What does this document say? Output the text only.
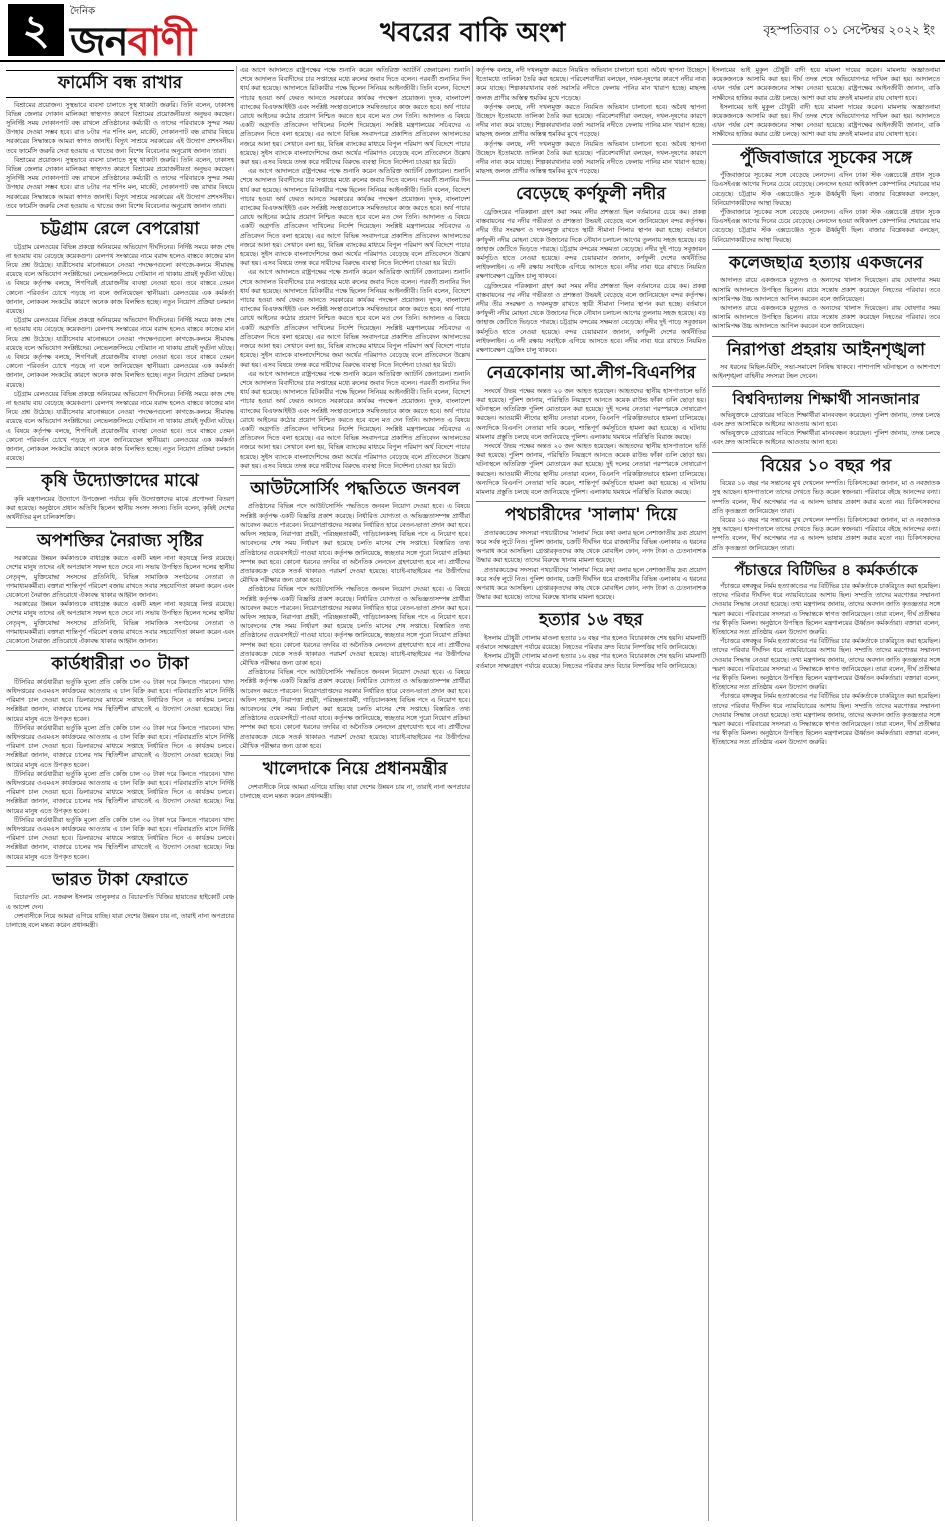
২	দৈনিক
জনবাণী	খবরের বাকি অংশ	বৃহস্পতিবার ০১ সেপ্টেম্বর ২০২২ ইং
ফার্মেসি বন্ধ রাখার

বিশ্রামের প্রয়োজন। সুস্থভাবে ব্যবসা চালাতে সুস্থ থাকাটা জরুরি। তিনি বলেন, ঢাকাসহ বিভিন্ন জেলার দোকান মালিকরা স্বাস্থ্যগত কারণে বিশ্রামের প্রয়োজনীয়তা অনুভব করছেন। সুনির্দিষ্ট সময় দোকানপাট বন্ধ রাখলে প্রতিষ্ঠানের কর্মচারী ও তাদের পরিবারকে সুন্দর সময় উপহার দেওয়া সম্ভব হবে। রাত ৮টার পর শপিং মল, মার্কেট, দোকানপাট বন্ধ রাখার বিষয়ে সরকারের সিদ্ধান্তকে আমরা স্বাগত জানাই। বিদ্যুৎ সাশ্রয়ে সরকারের এই উদ্যোগ প্রশংসনীয়। তবে ফার্মেসি জরুরি সেবা হওয়ায় এ খাতের জন্য বিশেষ বিবেচনার অনুরোধ জানান তারা।

বিশ্রামের প্রয়োজন। সুস্থভাবে ব্যবসা চালাতে সুস্থ থাকাটা জরুরি। তিনি বলেন, ঢাকাসহ বিভিন্ন জেলার দোকান মালিকরা স্বাস্থ্যগত কারণে বিশ্রামের প্রয়োজনীয়তা অনুভব করছেন। সুনির্দিষ্ট সময় দোকানপাট বন্ধ রাখলে প্রতিষ্ঠানের কর্মচারী ও তাদের পরিবারকে সুন্দর সময় উপহার দেওয়া সম্ভব হবে। রাত ৮টার পর শপিং মল, মার্কেট, দোকানপাট বন্ধ রাখার বিষয়ে সরকারের সিদ্ধান্তকে আমরা স্বাগত জানাই। বিদ্যুৎ সাশ্রয়ে সরকারের এই উদ্যোগ প্রশংসনীয়। তবে ফার্মেসি জরুরি সেবা হওয়ায় এ খাতের জন্য বিশেষ বিবেচনার অনুরোধ জানান তারা।

চট্টগ্রাম রেলে বেপরোয়া

চট্টগ্রাম রেলওয়ের বিভিন্ন প্রকল্পে অনিয়মের অভিযোগ দীর্ঘদিনের। নির্দিষ্ট সময়ে কাজ শেষ না হওয়ায় ব্যয় বেড়েছে কয়েকগুণ। রেলপথ সংস্কারের নামে বরাদ্দ হলেও বাস্তবে কাজের মান নিয়ে প্রশ্ন উঠেছে। যাত্রীসেবার মানোন্নয়নে নেওয়া পদক্ষেপগুলো কাগজে-কলমে সীমাবদ্ধ রয়েছে বলে অভিযোগ সংশ্লিষ্টদের। লেভেলক্রসিংয়ে গেটম্যান না থাকায় প্রায়ই দুর্ঘটনা ঘটছে। এ বিষয়ে কর্তৃপক্ষ বলছে, শিগগিরই প্রয়োজনীয় ব্যবস্থা নেওয়া হবে। তবে বাস্তবে তেমন কোনো পরিবর্তন চোখে পড়ছে না বলে জানিয়েছেন স্থানীয়রা। রেলওয়ের এক কর্মকর্তা জানান, লোকবল সংকটের কারণে অনেক কাজ বিলম্বিত হচ্ছে। নতুন নিয়োগ প্রক্রিয়া চলমান রয়েছে।

চট্টগ্রাম রেলওয়ের বিভিন্ন প্রকল্পে অনিয়মের অভিযোগ দীর্ঘদিনের। নির্দিষ্ট সময়ে কাজ শেষ না হওয়ায় ব্যয় বেড়েছে কয়েকগুণ। রেলপথ সংস্কারের নামে বরাদ্দ হলেও বাস্তবে কাজের মান নিয়ে প্রশ্ন উঠেছে। যাত্রীসেবার মানোন্নয়নে নেওয়া পদক্ষেপগুলো কাগজে-কলমে সীমাবদ্ধ রয়েছে বলে অভিযোগ সংশ্লিষ্টদের। লেভেলক্রসিংয়ে গেটম্যান না থাকায় প্রায়ই দুর্ঘটনা ঘটছে। এ বিষয়ে কর্তৃপক্ষ বলছে, শিগগিরই প্রয়োজনীয় ব্যবস্থা নেওয়া হবে। তবে বাস্তবে তেমন কোনো পরিবর্তন চোখে পড়ছে না বলে জানিয়েছেন স্থানীয়রা। রেলওয়ের এক কর্মকর্তা জানান, লোকবল সংকটের কারণে অনেক কাজ বিলম্বিত হচ্ছে। নতুন নিয়োগ প্রক্রিয়া চলমান রয়েছে।

চট্টগ্রাম রেলওয়ের বিভিন্ন প্রকল্পে অনিয়মের অভিযোগ দীর্ঘদিনের। নির্দিষ্ট সময়ে কাজ শেষ না হওয়ায় ব্যয় বেড়েছে কয়েকগুণ। রেলপথ সংস্কারের নামে বরাদ্দ হলেও বাস্তবে কাজের মান নিয়ে প্রশ্ন উঠেছে। যাত্রীসেবার মানোন্নয়নে নেওয়া পদক্ষেপগুলো কাগজে-কলমে সীমাবদ্ধ রয়েছে বলে অভিযোগ সংশ্লিষ্টদের। লেভেলক্রসিংয়ে গেটম্যান না থাকায় প্রায়ই দুর্ঘটনা ঘটছে। এ বিষয়ে কর্তৃপক্ষ বলছে, শিগগিরই প্রয়োজনীয় ব্যবস্থা নেওয়া হবে। তবে বাস্তবে তেমন কোনো পরিবর্তন চোখে পড়ছে না বলে জানিয়েছেন স্থানীয়রা। রেলওয়ের এক কর্মকর্তা জানান, লোকবল সংকটের কারণে অনেক কাজ বিলম্বিত হচ্ছে। নতুন নিয়োগ প্রক্রিয়া চলমান রয়েছে।

কৃষি উদ্যোক্তাদের মাঝে

কৃষি মন্ত্রণালয়ের উদ্যোগে উপজেলা পর্যায়ে কৃষি উদ্যোক্তাদের মাঝে প্রণোদনা বিতরণ করা হয়েছে। অনুষ্ঠানে প্রধান অতিথি ছিলেন স্থানীয় সংসদ সদস্য। তিনি বলেন, কৃষিই দেশের অর্থনীতির মূল চালিকাশক্তি।

অপশক্তির নৈরাজ্য সৃষ্টির

সরকারের উন্নয়ন কর্মকাণ্ডকে বাধাগ্রস্ত করতে একটি মহল নানা ষড়যন্ত্রে লিপ্ত রয়েছে। দেশের মানুষ তাদের এই অপপ্রয়াস সফল হতে দেবে না। সভায় উপস্থিত ছিলেন দলের স্থানীয় নেতৃবৃন্দ, মুক্তিযোদ্ধা সংসদের প্রতিনিধি, বিভিন্ন সামাজিক সংগঠনের নেতারা ও গণমাধ্যমকর্মীরা। বক্তারা শান্তিপূর্ণ পরিবেশ বজায় রাখতে সবার সহযোগিতা কামনা করেন এবং যেকোনো নৈরাজ্য প্রতিরোধে ঐক্যবদ্ধ থাকার আহ্বান জানান।

সরকারের উন্নয়ন কর্মকাণ্ডকে বাধাগ্রস্ত করতে একটি মহল নানা ষড়যন্ত্রে লিপ্ত রয়েছে। দেশের মানুষ তাদের এই অপপ্রয়াস সফল হতে দেবে না। সভায় উপস্থিত ছিলেন দলের স্থানীয় নেতৃবৃন্দ, মুক্তিযোদ্ধা সংসদের প্রতিনিধি, বিভিন্ন সামাজিক সংগঠনের নেতারা ও গণমাধ্যমকর্মীরা। বক্তারা শান্তিপূর্ণ পরিবেশ বজায় রাখতে সবার সহযোগিতা কামনা করেন এবং যেকোনো নৈরাজ্য প্রতিরোধে ঐক্যবদ্ধ থাকার আহ্বান জানান।

কার্ডধারীরা ৩০ টাকা

টিসিবির কার্ডধারীরা ভর্তুকি মূল্যে প্রতি কেজি চাল ৩০ টাকা দরে কিনতে পারবেন। খাদ্য অধিদপ্তরের ওএমএস কার্যক্রমের আওতায় এ চাল বিক্রি করা হবে। পরিবারপ্রতি মাসে নির্দিষ্ট পরিমাণ চাল দেওয়া হবে। ডিলারদের মাধ্যমে সপ্তাহে নির্ধারিত দিনে এ কার্যক্রম চলবে। সংশ্লিষ্টরা জানান, বাজারে চালের দাম স্থিতিশীল রাখতেই এ উদ্যোগ নেওয়া হয়েছে। নিম্ন আয়ের মানুষ এতে উপকৃত হবেন।

টিসিবির কার্ডধারীরা ভর্তুকি মূল্যে প্রতি কেজি চাল ৩০ টাকা দরে কিনতে পারবেন। খাদ্য অধিদপ্তরের ওএমএস কার্যক্রমের আওতায় এ চাল বিক্রি করা হবে। পরিবারপ্রতি মাসে নির্দিষ্ট পরিমাণ চাল দেওয়া হবে। ডিলারদের মাধ্যমে সপ্তাহে নির্ধারিত দিনে এ কার্যক্রম চলবে। সংশ্লিষ্টরা জানান, বাজারে চালের দাম স্থিতিশীল রাখতেই এ উদ্যোগ নেওয়া হয়েছে। নিম্ন আয়ের মানুষ এতে উপকৃত হবেন।

টিসিবির কার্ডধারীরা ভর্তুকি মূল্যে প্রতি কেজি চাল ৩০ টাকা দরে কিনতে পারবেন। খাদ্য অধিদপ্তরের ওএমএস কার্যক্রমের আওতায় এ চাল বিক্রি করা হবে। পরিবারপ্রতি মাসে নির্দিষ্ট পরিমাণ চাল দেওয়া হবে। ডিলারদের মাধ্যমে সপ্তাহে নির্ধারিত দিনে এ কার্যক্রম চলবে। সংশ্লিষ্টরা জানান, বাজারে চালের দাম স্থিতিশীল রাখতেই এ উদ্যোগ নেওয়া হয়েছে। নিম্ন আয়ের মানুষ এতে উপকৃত হবেন।

টিসিবির কার্ডধারীরা ভর্তুকি মূল্যে প্রতি কেজি চাল ৩০ টাকা দরে কিনতে পারবেন। খাদ্য অধিদপ্তরের ওএমএস কার্যক্রমের আওতায় এ চাল বিক্রি করা হবে। পরিবারপ্রতি মাসে নির্দিষ্ট পরিমাণ চাল দেওয়া হবে। ডিলারদের মাধ্যমে সপ্তাহে নির্ধারিত দিনে এ কার্যক্রম চলবে। সংশ্লিষ্টরা জানান, বাজারে চালের দাম স্থিতিশীল রাখতেই এ উদ্যোগ নেওয়া হয়েছে। নিম্ন আয়ের মানুষ এতে উপকৃত হবেন।

ভারত টাকা ফেরাতে

বিচারপতি মো. নজরুল ইসলাম তালুকদার ও বিচারপতি খিজির হায়াতের হাইকোর্ট বেঞ্চ এ আদেশ দেন।

দেশবাসীকে নিয়ে আমরা এগিয়ে যাচ্ছি। যারা দেশের উন্নয়ন চায় না, তারাই নানা অপপ্রচার চালাচ্ছে বলে মন্তব্য করেন প্রধানমন্ত্রী।

এর আগে আদালতে রাষ্ট্রপক্ষের পক্ষে শুনানি করেন অতিরিক্ত অ্যাটর্নি জেনারেল। শুনানি শেষে আদালত বিবাদীদের চার সপ্তাহের মধ্যে রুলের জবাব দিতে বলেন। পরবর্তী শুনানির দিন ধার্য করা হয়েছে। আদালতে রিটকারীর পক্ষে ছিলেন সিনিয়র আইনজীবী। তিনি বলেন, বিদেশে পাচার হওয়া অর্থ ফেরত আনতে সরকারের কার্যকর পদক্ষেপ প্রয়োজন। দুদক, বাংলাদেশ ব্যাংকের বিএফআইইউ এবং সংশ্লিষ্ট সংস্থাগুলোকে সমন্বিতভাবে কাজ করতে হবে। অর্থ পাচার রোধে আইনের কঠোর প্রয়োগ নিশ্চিত করতে হবে বলে মত দেন তিনি। আদালত এ বিষয়ে একটি অগ্রগতি প্রতিবেদন দাখিলের নির্দেশ দিয়েছেন। সংশ্লিষ্ট মন্ত্রণালয়ের সচিবদের এ প্রতিবেদন দিতে বলা হয়েছে। এর আগে বিভিন্ন সংবাদপত্রে প্রকাশিত প্রতিবেদন আদালতের নজরে আনা হয়। সেখানে বলা হয়, বিভিন্ন ব্যাংকের মাধ্যমে বিপুল পরিমাণ অর্থ বিদেশে পাচার হয়েছে। সুইস ব্যাংকে বাংলাদেশিদের জমা অর্থের পরিমাণও বেড়েছে বলে প্রতিবেদনে উল্লেখ করা হয়। এসব বিষয়ে তদন্ত করে দায়ীদের বিরুদ্ধে ব্যবস্থা নিতে নির্দেশনা চাওয়া হয় রিটে।

এর আগে আদালতে রাষ্ট্রপক্ষের পক্ষে শুনানি করেন অতিরিক্ত অ্যাটর্নি জেনারেল। শুনানি শেষে আদালত বিবাদীদের চার সপ্তাহের মধ্যে রুলের জবাব দিতে বলেন। পরবর্তী শুনানির দিন ধার্য করা হয়েছে। আদালতে রিটকারীর পক্ষে ছিলেন সিনিয়র আইনজীবী। তিনি বলেন, বিদেশে পাচার হওয়া অর্থ ফেরত আনতে সরকারের কার্যকর পদক্ষেপ প্রয়োজন। দুদক, বাংলাদেশ ব্যাংকের বিএফআইইউ এবং সংশ্লিষ্ট সংস্থাগুলোকে সমন্বিতভাবে কাজ করতে হবে। অর্থ পাচার রোধে আইনের কঠোর প্রয়োগ নিশ্চিত করতে হবে বলে মত দেন তিনি। আদালত এ বিষয়ে একটি অগ্রগতি প্রতিবেদন দাখিলের নির্দেশ দিয়েছেন। সংশ্লিষ্ট মন্ত্রণালয়ের সচিবদের এ প্রতিবেদন দিতে বলা হয়েছে। এর আগে বিভিন্ন সংবাদপত্রে প্রকাশিত প্রতিবেদন আদালতের নজরে আনা হয়। সেখানে বলা হয়, বিভিন্ন ব্যাংকের মাধ্যমে বিপুল পরিমাণ অর্থ বিদেশে পাচার হয়েছে। সুইস ব্যাংকে বাংলাদেশিদের জমা অর্থের পরিমাণও বেড়েছে বলে প্রতিবেদনে উল্লেখ করা হয়। এসব বিষয়ে তদন্ত করে দায়ীদের বিরুদ্ধে ব্যবস্থা নিতে নির্দেশনা চাওয়া হয় রিটে।

এর আগে আদালতে রাষ্ট্রপক্ষের পক্ষে শুনানি করেন অতিরিক্ত অ্যাটর্নি জেনারেল। শুনানি শেষে আদালত বিবাদীদের চার সপ্তাহের মধ্যে রুলের জবাব দিতে বলেন। পরবর্তী শুনানির দিন ধার্য করা হয়েছে। আদালতে রিটকারীর পক্ষে ছিলেন সিনিয়র আইনজীবী। তিনি বলেন, বিদেশে পাচার হওয়া অর্থ ফেরত আনতে সরকারের কার্যকর পদক্ষেপ প্রয়োজন। দুদক, বাংলাদেশ ব্যাংকের বিএফআইইউ এবং সংশ্লিষ্ট সংস্থাগুলোকে সমন্বিতভাবে কাজ করতে হবে। অর্থ পাচার রোধে আইনের কঠোর প্রয়োগ নিশ্চিত করতে হবে বলে মত দেন তিনি। আদালত এ বিষয়ে একটি অগ্রগতি প্রতিবেদন দাখিলের নির্দেশ দিয়েছেন। সংশ্লিষ্ট মন্ত্রণালয়ের সচিবদের এ প্রতিবেদন দিতে বলা হয়েছে। এর আগে বিভিন্ন সংবাদপত্রে প্রকাশিত প্রতিবেদন আদালতের নজরে আনা হয়। সেখানে বলা হয়, বিভিন্ন ব্যাংকের মাধ্যমে বিপুল পরিমাণ অর্থ বিদেশে পাচার হয়েছে। সুইস ব্যাংকে বাংলাদেশিদের জমা অর্থের পরিমাণও বেড়েছে বলে প্রতিবেদনে উল্লেখ করা হয়। এসব বিষয়ে তদন্ত করে দায়ীদের বিরুদ্ধে ব্যবস্থা নিতে নির্দেশনা চাওয়া হয় রিটে।

এর আগে আদালতে রাষ্ট্রপক্ষের পক্ষে শুনানি করেন অতিরিক্ত অ্যাটর্নি জেনারেল। শুনানি শেষে আদালত বিবাদীদের চার সপ্তাহের মধ্যে রুলের জবাব দিতে বলেন। পরবর্তী শুনানির দিন ধার্য করা হয়েছে। আদালতে রিটকারীর পক্ষে ছিলেন সিনিয়র আইনজীবী। তিনি বলেন, বিদেশে পাচার হওয়া অর্থ ফেরত আনতে সরকারের কার্যকর পদক্ষেপ প্রয়োজন। দুদক, বাংলাদেশ ব্যাংকের বিএফআইইউ এবং সংশ্লিষ্ট সংস্থাগুলোকে সমন্বিতভাবে কাজ করতে হবে। অর্থ পাচার রোধে আইনের কঠোর প্রয়োগ নিশ্চিত করতে হবে বলে মত দেন তিনি। আদালত এ বিষয়ে একটি অগ্রগতি প্রতিবেদন দাখিলের নির্দেশ দিয়েছেন। সংশ্লিষ্ট মন্ত্রণালয়ের সচিবদের এ প্রতিবেদন দিতে বলা হয়েছে। এর আগে বিভিন্ন সংবাদপত্রে প্রকাশিত প্রতিবেদন আদালতের নজরে আনা হয়। সেখানে বলা হয়, বিভিন্ন ব্যাংকের মাধ্যমে বিপুল পরিমাণ অর্থ বিদেশে পাচার হয়েছে। সুইস ব্যাংকে বাংলাদেশিদের জমা অর্থের পরিমাণও বেড়েছে বলে প্রতিবেদনে উল্লেখ করা হয়। এসব বিষয়ে তদন্ত করে দায়ীদের বিরুদ্ধে ব্যবস্থা নিতে নির্দেশনা চাওয়া হয় রিটে।

আউটসোর্সিং পদ্ধতিতে জনবল

প্রতিষ্ঠানের বিভিন্ন পদে আউটসোর্সিং পদ্ধতিতে জনবল নিয়োগ দেওয়া হবে। এ বিষয়ে সংশ্লিষ্ট কর্তৃপক্ষ একটি বিজ্ঞপ্তি প্রকাশ করেছে। নির্ধারিত যোগ্যতা ও অভিজ্ঞতাসম্পন্ন প্রার্থীরা আবেদন করতে পারবেন। নিয়োগপ্রাপ্তদের সরকার নির্ধারিত হারে বেতন-ভাতা প্রদান করা হবে। অফিস সহায়ক, নিরাপত্তা প্রহরী, পরিচ্ছন্নতাকর্মী, গাড়িচালকসহ বিভিন্ন পদে এ নিয়োগ হবে। আবেদনের শেষ সময় নির্ধারণ করা হয়েছে চলতি মাসের শেষ সপ্তাহে। বিস্তারিত তথ্য প্রতিষ্ঠানের ওয়েবসাইটে পাওয়া যাবে। কর্তৃপক্ষ জানিয়েছে, স্বচ্ছতার সঙ্গে পুরো নিয়োগ প্রক্রিয়া সম্পন্ন করা হবে। কোনো ধরনের তদবির বা অনৈতিক লেনদেন গ্রহণযোগ্য হবে না। প্রার্থীদের প্রতারকচক্র থেকে সতর্ক থাকারও পরামর্শ দেওয়া হয়েছে। যাচাই-বাছাইয়ের পর উত্তীর্ণদের মৌখিক পরীক্ষার জন্য ডাকা হবে।

প্রতিষ্ঠানের বিভিন্ন পদে আউটসোর্সিং পদ্ধতিতে জনবল নিয়োগ দেওয়া হবে। এ বিষয়ে সংশ্লিষ্ট কর্তৃপক্ষ একটি বিজ্ঞপ্তি প্রকাশ করেছে। নির্ধারিত যোগ্যতা ও অভিজ্ঞতাসম্পন্ন প্রার্থীরা আবেদন করতে পারবেন। নিয়োগপ্রাপ্তদের সরকার নির্ধারিত হারে বেতন-ভাতা প্রদান করা হবে। অফিস সহায়ক, নিরাপত্তা প্রহরী, পরিচ্ছন্নতাকর্মী, গাড়িচালকসহ বিভিন্ন পদে এ নিয়োগ হবে। আবেদনের শেষ সময় নির্ধারণ করা হয়েছে চলতি মাসের শেষ সপ্তাহে। বিস্তারিত তথ্য প্রতিষ্ঠানের ওয়েবসাইটে পাওয়া যাবে। কর্তৃপক্ষ জানিয়েছে, স্বচ্ছতার সঙ্গে পুরো নিয়োগ প্রক্রিয়া সম্পন্ন করা হবে। কোনো ধরনের তদবির বা অনৈতিক লেনদেন গ্রহণযোগ্য হবে না। প্রার্থীদের প্রতারকচক্র থেকে সতর্ক থাকারও পরামর্শ দেওয়া হয়েছে। যাচাই-বাছাইয়ের পর উত্তীর্ণদের মৌখিক পরীক্ষার জন্য ডাকা হবে।

প্রতিষ্ঠানের বিভিন্ন পদে আউটসোর্সিং পদ্ধতিতে জনবল নিয়োগ দেওয়া হবে। এ বিষয়ে সংশ্লিষ্ট কর্তৃপক্ষ একটি বিজ্ঞপ্তি প্রকাশ করেছে। নির্ধারিত যোগ্যতা ও অভিজ্ঞতাসম্পন্ন প্রার্থীরা আবেদন করতে পারবেন। নিয়োগপ্রাপ্তদের সরকার নির্ধারিত হারে বেতন-ভাতা প্রদান করা হবে। অফিস সহায়ক, নিরাপত্তা প্রহরী, পরিচ্ছন্নতাকর্মী, গাড়িচালকসহ বিভিন্ন পদে এ নিয়োগ হবে। আবেদনের শেষ সময় নির্ধারণ করা হয়েছে চলতি মাসের শেষ সপ্তাহে। বিস্তারিত তথ্য প্রতিষ্ঠানের ওয়েবসাইটে পাওয়া যাবে। কর্তৃপক্ষ জানিয়েছে, স্বচ্ছতার সঙ্গে পুরো নিয়োগ প্রক্রিয়া সম্পন্ন করা হবে। কোনো ধরনের তদবির বা অনৈতিক লেনদেন গ্রহণযোগ্য হবে না। প্রার্থীদের প্রতারকচক্র থেকে সতর্ক থাকারও পরামর্শ দেওয়া হয়েছে। যাচাই-বাছাইয়ের পর উত্তীর্ণদের মৌখিক পরীক্ষার জন্য ডাকা হবে।

খালেদাকে নিয়ে প্রধানমন্ত্রীর

দেশবাসীকে নিয়ে আমরা এগিয়ে যাচ্ছি। যারা দেশের উন্নয়ন চায় না, তারাই নানা অপপ্রচার চালাচ্ছে বলে মন্তব্য করেন প্রধানমন্ত্রী।

কর্তৃপক্ষ বলছে, নদী দখলমুক্ত করতে নিয়মিত অভিযান চালানো হবে। অবৈধ স্থাপনা উচ্ছেদে ইতোমধ্যে তালিকা তৈরি করা হয়েছে। পরিবেশবাদীরা বলছেন, দখল-দূষণের কারণে নদীর নাব্য কমে যাচ্ছে। শিল্পকারখানার বর্জ্য সরাসরি নদীতে ফেলায় পানির মান খারাপ হচ্ছে। মাছসহ জলজ প্রাণীর অস্তিত্ব হুমকির মুখে পড়েছে।

কর্তৃপক্ষ বলছে, নদী দখলমুক্ত করতে নিয়মিত অভিযান চালানো হবে। অবৈধ স্থাপনা উচ্ছেদে ইতোমধ্যে তালিকা তৈরি করা হয়েছে। পরিবেশবাদীরা বলছেন, দখল-দূষণের কারণে নদীর নাব্য কমে যাচ্ছে। শিল্পকারখানার বর্জ্য সরাসরি নদীতে ফেলায় পানির মান খারাপ হচ্ছে। মাছসহ জলজ প্রাণীর অস্তিত্ব হুমকির মুখে পড়েছে।

কর্তৃপক্ষ বলছে, নদী দখলমুক্ত করতে নিয়মিত অভিযান চালানো হবে। অবৈধ স্থাপনা উচ্ছেদে ইতোমধ্যে তালিকা তৈরি করা হয়েছে। পরিবেশবাদীরা বলছেন, দখল-দূষণের কারণে নদীর নাব্য কমে যাচ্ছে। শিল্পকারখানার বর্জ্য সরাসরি নদীতে ফেলায় পানির মান খারাপ হচ্ছে। মাছসহ জলজ প্রাণীর অস্তিত্ব হুমকির মুখে পড়েছে।

বেড়েছে কর্ণফুলী নদীর

ড্রেজিংয়ের পরিকল্পনা গ্রহণ করা সময় নদীর প্রশস্ততা ছিল বর্তমানের চেয়ে কম। প্রকল্প বাস্তবায়নের পর নদীর গভীরতা ও প্রশস্ততা উভয়ই বেড়েছে বলে জানিয়েছেন বন্দর কর্তৃপক্ষ। নদীর তীর সংরক্ষণ ও দখলমুক্ত রাখতে স্থায়ী সীমানা পিলার স্থাপন করা হচ্ছে। বর্তমানে কর্ণফুলী নদীর মোহনা থেকে উজানের দিকে নৌযান চলাচল আগের তুলনায় সহজ হয়েছে। বড় জাহাজ জেটিতে ভিড়তে পারছে। চট্টগ্রাম বন্দরের সক্ষমতা বেড়েছে। নদীর দুই পাড়ে সবুজায়ন কর্মসূচিও হাতে নেওয়া হয়েছে। বন্দর চেয়ারম্যান জানান, কর্ণফুলী দেশের অর্থনীতির লাইফলাইন। এ নদী রক্ষায় সবাইকে এগিয়ে আসতে হবে। নদীর নাব্য ধরে রাখতে নিয়মিত রক্ষণাবেক্ষণ ড্রেজিং চালু থাকবে।

ড্রেজিংয়ের পরিকল্পনা গ্রহণ করা সময় নদীর প্রশস্ততা ছিল বর্তমানের চেয়ে কম। প্রকল্প বাস্তবায়নের পর নদীর গভীরতা ও প্রশস্ততা উভয়ই বেড়েছে বলে জানিয়েছেন বন্দর কর্তৃপক্ষ। নদীর তীর সংরক্ষণ ও দখলমুক্ত রাখতে স্থায়ী সীমানা পিলার স্থাপন করা হচ্ছে। বর্তমানে কর্ণফুলী নদীর মোহনা থেকে উজানের দিকে নৌযান চলাচল আগের তুলনায় সহজ হয়েছে। বড় জাহাজ জেটিতে ভিড়তে পারছে। চট্টগ্রাম বন্দরের সক্ষমতা বেড়েছে। নদীর দুই পাড়ে সবুজায়ন কর্মসূচিও হাতে নেওয়া হয়েছে। বন্দর চেয়ারম্যান জানান, কর্ণফুলী দেশের অর্থনীতির লাইফলাইন। এ নদী রক্ষায় সবাইকে এগিয়ে আসতে হবে। নদীর নাব্য ধরে রাখতে নিয়মিত রক্ষণাবেক্ষণ ড্রেজিং চালু থাকবে।

নেত্রকোনায় আ.লীগ-বিএনপির

সংঘর্ষে উভয় পক্ষের অন্তত ২০ জন আহত হয়েছেন। আহতদের স্থানীয় হাসপাতালে ভর্তি করা হয়েছে। পুলিশ জানায়, পরিস্থিতি নিয়ন্ত্রণে আনতে কয়েক রাউন্ড ফাঁকা গুলি ছোড়া হয়। ঘটনাস্থলে অতিরিক্ত পুলিশ মোতায়েন করা হয়েছে। দুই দলের নেতারা পরস্পরকে দোষারোপ করছেন। আওয়ামী লীগের স্থানীয় নেতারা বলেন, বিএনপি পরিকল্পিতভাবে হামলা চালিয়েছে। অন্যদিকে বিএনপি নেতারা দাবি করেন, শান্তিপূর্ণ কর্মসূচিতে হামলা করা হয়েছে। এ ঘটনায় মামলার প্রস্তুতি চলছে বলে জানিয়েছে পুলিশ। এলাকায় থমথমে পরিস্থিতি বিরাজ করছে।

সংঘর্ষে উভয় পক্ষের অন্তত ২০ জন আহত হয়েছেন। আহতদের স্থানীয় হাসপাতালে ভর্তি করা হয়েছে। পুলিশ জানায়, পরিস্থিতি নিয়ন্ত্রণে আনতে কয়েক রাউন্ড ফাঁকা গুলি ছোড়া হয়। ঘটনাস্থলে অতিরিক্ত পুলিশ মোতায়েন করা হয়েছে। দুই দলের নেতারা পরস্পরকে দোষারোপ করছেন। আওয়ামী লীগের স্থানীয় নেতারা বলেন, বিএনপি পরিকল্পিতভাবে হামলা চালিয়েছে। অন্যদিকে বিএনপি নেতারা দাবি করেন, শান্তিপূর্ণ কর্মসূচিতে হামলা করা হয়েছে। এ ঘটনায় মামলার প্রস্তুতি চলছে বলে জানিয়েছে পুলিশ। এলাকায় থমথমে পরিস্থিতি বিরাজ করছে।

পথচারীদের 'সালাম' দিয়ে

প্রতারকচক্রের সদস্যরা পথচারীদের 'সালাম' দিয়ে কথা বলার ছলে নেশাজাতীয় দ্রব্য প্রয়োগ করে সর্বস্ব লুটে নিত। পুলিশ জানায়, চক্রটি দীর্ঘদিন ধরে রাজধানীর বিভিন্ন এলাকায় এ ধরনের অপরাধ করে আসছিল। গ্রেপ্তারকৃতদের কাছ থেকে মোবাইল ফোন, নগদ টাকা ও চেতনানাশক উদ্ধার করা হয়েছে। তাদের বিরুদ্ধে থানায় মামলা হয়েছে।

প্রতারকচক্রের সদস্যরা পথচারীদের 'সালাম' দিয়ে কথা বলার ছলে নেশাজাতীয় দ্রব্য প্রয়োগ করে সর্বস্ব লুটে নিত। পুলিশ জানায়, চক্রটি দীর্ঘদিন ধরে রাজধানীর বিভিন্ন এলাকায় এ ধরনের অপরাধ করে আসছিল। গ্রেপ্তারকৃতদের কাছ থেকে মোবাইল ফোন, নগদ টাকা ও চেতনানাশক উদ্ধার করা হয়েছে। তাদের বিরুদ্ধে থানায় মামলা হয়েছে।

হত্যার ১৬ বছর

ইসলাম চৌধুরী গোলাম মাওলা হত্যার ১৬ বছর পার হলেও বিচারকাজ শেষ হয়নি। মামলাটি বর্তমানে সাক্ষ্যগ্রহণ পর্যায়ে রয়েছে। নিহতের পরিবার দ্রুত বিচার নিষ্পত্তির দাবি জানিয়েছে।

ইসলাম চৌধুরী গোলাম মাওলা হত্যার ১৬ বছর পার হলেও বিচারকাজ শেষ হয়নি। মামলাটি বর্তমানে সাক্ষ্যগ্রহণ পর্যায়ে রয়েছে। নিহতের পরিবার দ্রুত বিচার নিষ্পত্তির দাবি জানিয়েছে।

ইসলামের ভাই মুকুল চৌধুরী বাদী হয়ে মামলা দায়ের করেন। মামলায় অজ্ঞাতনামা কয়েকজনকে আসামি করা হয়। দীর্ঘ তদন্ত শেষে অভিযোগপত্র দাখিল করা হয়। আদালতে এখন পর্যন্ত বেশ কয়েকজনের সাক্ষ্য নেওয়া হয়েছে। রাষ্ট্রপক্ষের আইনজীবী জানান, বাকি সাক্ষীদের হাজির করার চেষ্টা চলছে। আশা করা যায় দ্রুতই মামলার রায় ঘোষণা হবে।

ইসলামের ভাই মুকুল চৌধুরী বাদী হয়ে মামলা দায়ের করেন। মামলায় অজ্ঞাতনামা কয়েকজনকে আসামি করা হয়। দীর্ঘ তদন্ত শেষে অভিযোগপত্র দাখিল করা হয়। আদালতে এখন পর্যন্ত বেশ কয়েকজনের সাক্ষ্য নেওয়া হয়েছে। রাষ্ট্রপক্ষের আইনজীবী জানান, বাকি সাক্ষীদের হাজির করার চেষ্টা চলছে। আশা করা যায় দ্রুতই মামলার রায় ঘোষণা হবে।

পুঁজিবাজারে সূচকের সঙ্গে

পুঁজিবাজারে সূচকের সঙ্গে বেড়েছে লেনদেন। এদিন ঢাকা স্টক এক্সচেঞ্জে প্রধান সূচক ডিএসইএক্স আগের দিনের চেয়ে বেড়েছে। লেনদেন হওয়া অধিকাংশ কোম্পানির শেয়ারের দাম বেড়েছে। চট্টগ্রাম স্টক এক্সচেঞ্জেও সূচক ঊর্ধ্বমুখী ছিল। বাজার বিশ্লেষকরা বলছেন, বিনিয়োগকারীদের আস্থা ফিরছে।

পুঁজিবাজারে সূচকের সঙ্গে বেড়েছে লেনদেন। এদিন ঢাকা স্টক এক্সচেঞ্জে প্রধান সূচক ডিএসইএক্স আগের দিনের চেয়ে বেড়েছে। লেনদেন হওয়া অধিকাংশ কোম্পানির শেয়ারের দাম বেড়েছে। চট্টগ্রাম স্টক এক্সচেঞ্জেও সূচক ঊর্ধ্বমুখী ছিল। বাজার বিশ্লেষকরা বলছেন, বিনিয়োগকারীদের আস্থা ফিরছে।

কলেজছাত্র হত্যায় একজনের

আদালত রায়ে একজনকে মৃত্যুদণ্ড ও অন্যদের খালাস দিয়েছেন। রায় ঘোষণার সময় আসামি আদালতে উপস্থিত ছিলেন। রায়ে সন্তোষ প্রকাশ করেছেন নিহতের পরিবার। তবে আসামিপক্ষ উচ্চ আদালতে আপিল করবেন বলে জানিয়েছেন।

আদালত রায়ে একজনকে মৃত্যুদণ্ড ও অন্যদের খালাস দিয়েছেন। রায় ঘোষণার সময় আসামি আদালতে উপস্থিত ছিলেন। রায়ে সন্তোষ প্রকাশ করেছেন নিহতের পরিবার। তবে আসামিপক্ষ উচ্চ আদালতে আপিল করবেন বলে জানিয়েছেন।

নিরাপত্তা প্রহরায় আইনশৃঙ্খলা

সব ধরনের মিছিল-মিটিং, সভা-সমাবেশ নিষিদ্ধ থাকবে। পাশাপাশি ঘটনাস্থলে ও আশপাশে আইনশৃঙ্খলা বাহিনীর সদস্যরা টহল দেবেন।

বিশ্ববিদ্যালয় শিক্ষার্থী সানজানার

অভিযুক্তকে গ্রেপ্তারের দাবিতে শিক্ষার্থীরা মানববন্ধন করেছেন। পুলিশ জানায়, তদন্ত চলছে এবং দ্রুত আসামিকে আইনের আওতায় আনা হবে।

অভিযুক্তকে গ্রেপ্তারের দাবিতে শিক্ষার্থীরা মানববন্ধন করেছেন। পুলিশ জানায়, তদন্ত চলছে এবং দ্রুত আসামিকে আইনের আওতায় আনা হবে।

বিয়ের ১০ বছর পর

বিয়ের ১০ বছর পর সন্তানের মুখ দেখলেন দম্পতি। চিকিৎসকেরা জানান, মা ও নবজাতক সুস্থ আছেন। হাসপাতালে তাদের দেখতে ভিড় করেন স্বজনরা। পরিবারে বইছে আনন্দের বন্যা। দম্পতি বলেন, দীর্ঘ অপেক্ষার পর এ আনন্দ ভাষায় প্রকাশ করার মতো নয়। চিকিৎসকদের প্রতি কৃতজ্ঞতা জানিয়েছেন তারা।

বিয়ের ১০ বছর পর সন্তানের মুখ দেখলেন দম্পতি। চিকিৎসকেরা জানান, মা ও নবজাতক সুস্থ আছেন। হাসপাতালে তাদের দেখতে ভিড় করেন স্বজনরা। পরিবারে বইছে আনন্দের বন্যা। দম্পতি বলেন, দীর্ঘ অপেক্ষার পর এ আনন্দ ভাষায় প্রকাশ করার মতো নয়। চিকিৎসকদের প্রতি কৃতজ্ঞতা জানিয়েছেন তারা।

পঁচাত্তরে বিটিভির ৪ কর্মকর্তাকে

পঁচাত্তরে বঙ্গবন্ধুর নির্মম হত্যাকাণ্ডের পর বিটিভির চার কর্মকর্তাকে চাকরিচ্যুত করা হয়েছিল। তাদের পরিবার দীর্ঘদিন ধরে ন্যায়বিচারের আশায় ছিল। সম্প্রতি তাদের মরণোত্তর সম্মাননা দেওয়ার সিদ্ধান্ত নেওয়া হয়েছে। তথ্য মন্ত্রণালয় জানায়, তাদের অবদান জাতি কৃতজ্ঞতার সঙ্গে স্মরণ করবে। পরিবারের সদস্যরা এ সিদ্ধান্তকে স্বাগত জানিয়েছেন। তারা বলেন, দীর্ঘ প্রতীক্ষার পর স্বীকৃতি মিলল। অনুষ্ঠানে উপস্থিত ছিলেন মন্ত্রণালয়ের ঊর্ধ্বতন কর্মকর্তারা। বক্তারা বলেন, ইতিহাসের সত্য প্রতিষ্ঠায় এমন উদ্যোগ জরুরি।

পঁচাত্তরে বঙ্গবন্ধুর নির্মম হত্যাকাণ্ডের পর বিটিভির চার কর্মকর্তাকে চাকরিচ্যুত করা হয়েছিল। তাদের পরিবার দীর্ঘদিন ধরে ন্যায়বিচারের আশায় ছিল। সম্প্রতি তাদের মরণোত্তর সম্মাননা দেওয়ার সিদ্ধান্ত নেওয়া হয়েছে। তথ্য মন্ত্রণালয় জানায়, তাদের অবদান জাতি কৃতজ্ঞতার সঙ্গে স্মরণ করবে। পরিবারের সদস্যরা এ সিদ্ধান্তকে স্বাগত জানিয়েছেন। তারা বলেন, দীর্ঘ প্রতীক্ষার পর স্বীকৃতি মিলল। অনুষ্ঠানে উপস্থিত ছিলেন মন্ত্রণালয়ের ঊর্ধ্বতন কর্মকর্তারা। বক্তারা বলেন, ইতিহাসের সত্য প্রতিষ্ঠায় এমন উদ্যোগ জরুরি।

পঁচাত্তরে বঙ্গবন্ধুর নির্মম হত্যাকাণ্ডের পর বিটিভির চার কর্মকর্তাকে চাকরিচ্যুত করা হয়েছিল। তাদের পরিবার দীর্ঘদিন ধরে ন্যায়বিচারের আশায় ছিল। সম্প্রতি তাদের মরণোত্তর সম্মাননা দেওয়ার সিদ্ধান্ত নেওয়া হয়েছে। তথ্য মন্ত্রণালয় জানায়, তাদের অবদান জাতি কৃতজ্ঞতার সঙ্গে স্মরণ করবে। পরিবারের সদস্যরা এ সিদ্ধান্তকে স্বাগত জানিয়েছেন। তারা বলেন, দীর্ঘ প্রতীক্ষার পর স্বীকৃতি মিলল। অনুষ্ঠানে উপস্থিত ছিলেন মন্ত্রণালয়ের ঊর্ধ্বতন কর্মকর্তারা। বক্তারা বলেন, ইতিহাসের সত্য প্রতিষ্ঠায় এমন উদ্যোগ জরুরি।
